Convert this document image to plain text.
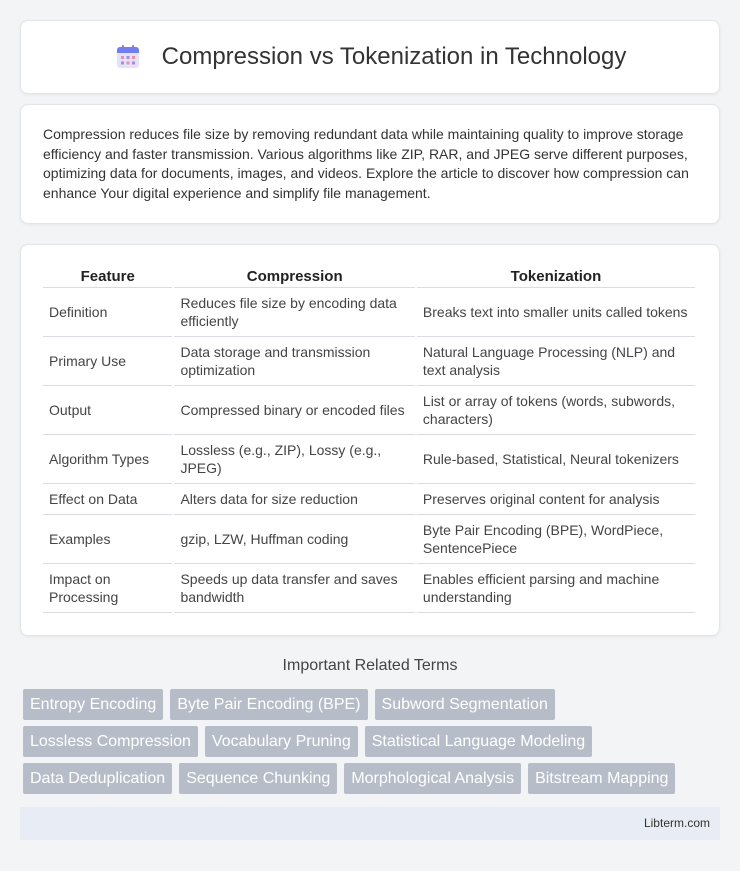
Compression vs Tokenization in Technology

Compression reduces file size by removing redundant data while maintaining quality to improve storage efficiency and faster transmission. Various algorithms like ZIP, RAR, and JPEG serve different purposes, optimizing data for documents, images, and videos. Explore the article to discover how compression can enhance Your digital experience and simplify file management.

Feature	Compression	Tokenization
Definition	Reduces file size by encoding data efficiently	Breaks text into smaller units called tokens
Primary Use	Data storage and transmission optimization	Natural Language Processing (NLP) and text analysis
Output	Compressed binary or encoded files	List or array of tokens (words, subwords, characters)
Algorithm Types	Lossless (e.g., ZIP), Lossy (e.g., JPEG)	Rule-based, Statistical, Neural tokenizers
Effect on Data	Alters data for size reduction	Preserves original content for analysis
Examples	gzip, LZW, Huffman coding	Byte Pair Encoding (BPE), WordPiece, SentencePiece
Impact on Processing	Speeds up data transfer and saves bandwidth	Enables efficient parsing and machine understanding
Important Related Terms
Entropy Encoding	Byte Pair Encoding (BPE)	Subword Segmentation
Lossless Compression	Vocabulary Pruning	Statistical Language Modeling
Data Deduplication	Sequence Chunking	Morphological Analysis	Bitstream Mapping
Libterm.com
